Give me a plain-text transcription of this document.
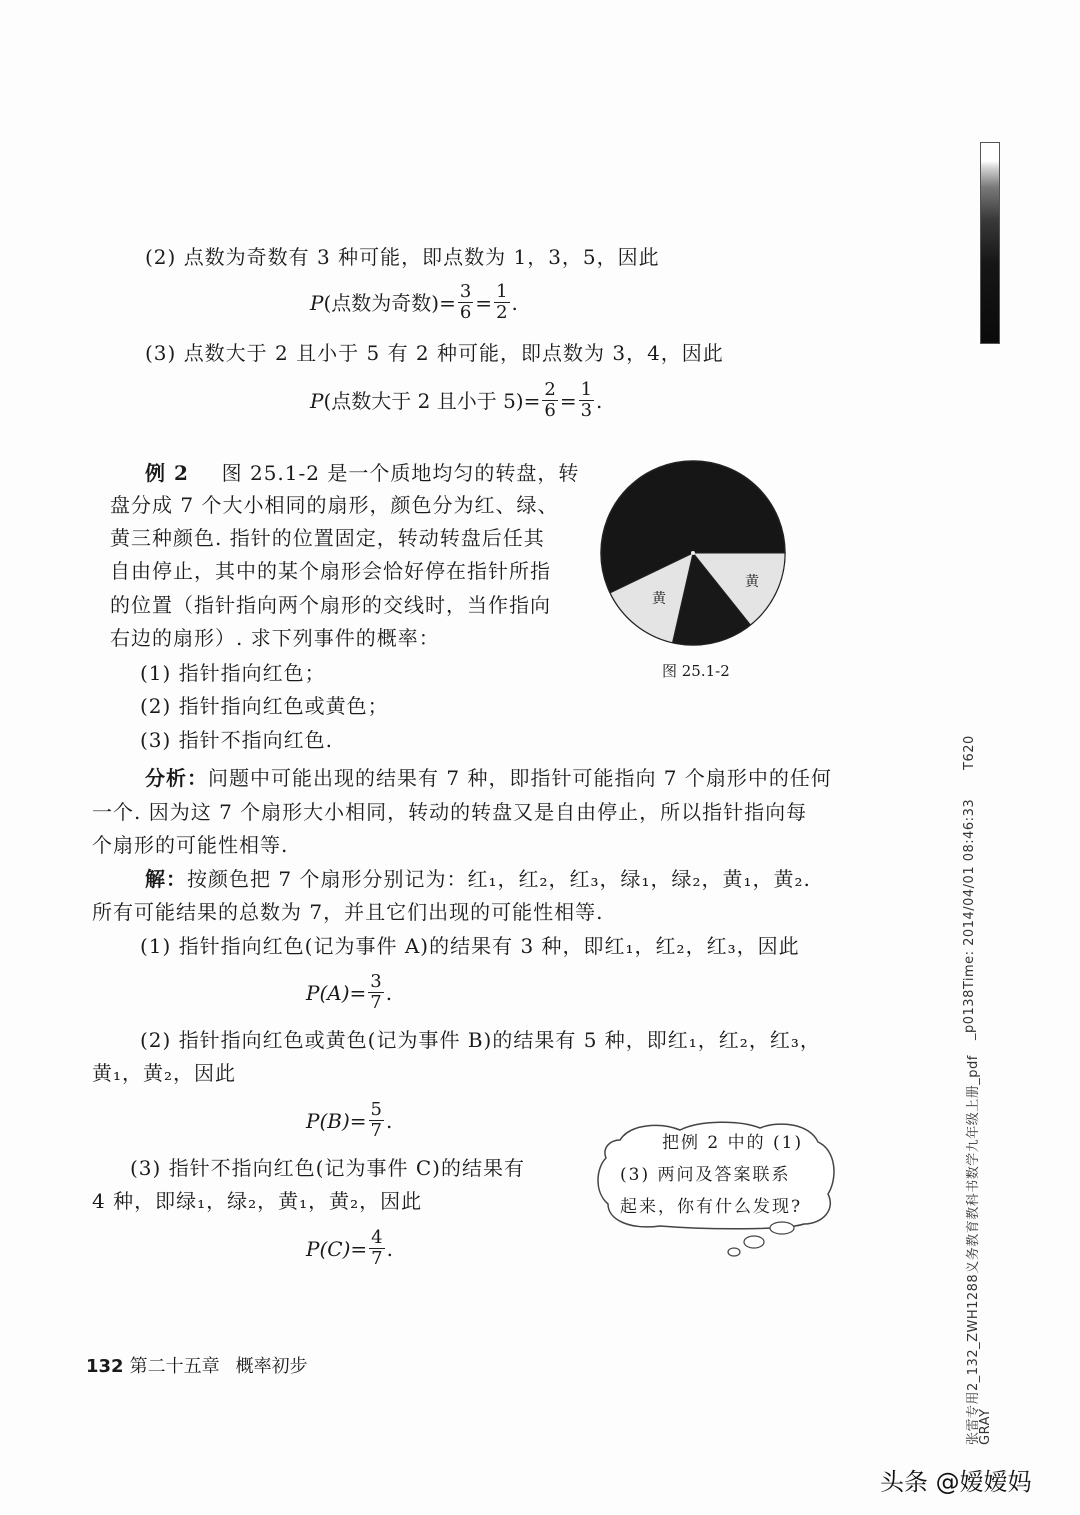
(2) 点数为奇数有 3 种可能，即点数为 1，3，5，因此
P (点数为奇数) = $\frac{3}{6} = \frac{1}{2}$ .
(3) 点数大于 2 且小于 5 有 2 种可能，即点数为 3，4，因此
P (点数大于 2 且小于 $5) = \frac{2}{6} = \frac{1}{3}$ .
例 2 图 25.1-2 是一个质地均匀的转盘，转
盘分成 7 个大小相同的扇形，颜色分为红、绿、
黄三种颜色. 指针的位置固定，转动转盘后任其
自由停止，其中的某个扇形会恰好停在指针所指
的位置（指针指向两个扇形的交线时，当作指向
右边的扇形）. 求下列事件的概率：
(1) 指针指向红色；
(2) 指针指向红色或黄色；
(3) 指针不指向红色.
黄
黄
图 25.1-2
分析：问题中可能出现的结果有 7 种，即指针可能指向 7 个扇形中的任何
一个. 因为这 7 个扇形大小相同，转动的转盘又是自由停止，所以指针指向每
个扇形的可能性相等.
解：按颜色把 7 个扇形分别记为：红₁，红₂，红₃，绿₁，绿₂，黄₁，黄₂.
所有可能结果的总数为 7，并且它们出现的可能性相等.
(1) 指针指向红色(记为事件 A)的结果有 3 种，即红₁，红₂，红₃，因此
$P(A) = \frac{3}{7}$ .
(2) 指针指向红色或黄色(记为事件 B)的结果有 5 种，即红₁，红₂，红₃，
黄₁，黄₂，因此
$P(B) = \frac{5}{7}$ .
(3) 指针不指向红色(记为事件 C)的结果有
4 种，即绿₁，绿₂，黄₁，黄₂，因此
$P(C) = \frac{4}{7}$ .
把例 2 中的 (1)
(3) 两问及答案联系
起来，你有什么发现?
132 第二十五章 概率初步
T620
_p0138Time: 2014/04/01 08:46:33
张雷专用2_132_ZWH1288义务教育教科书数学九年级上册_pdf
GRAY
头条 @嫒嫒妈
